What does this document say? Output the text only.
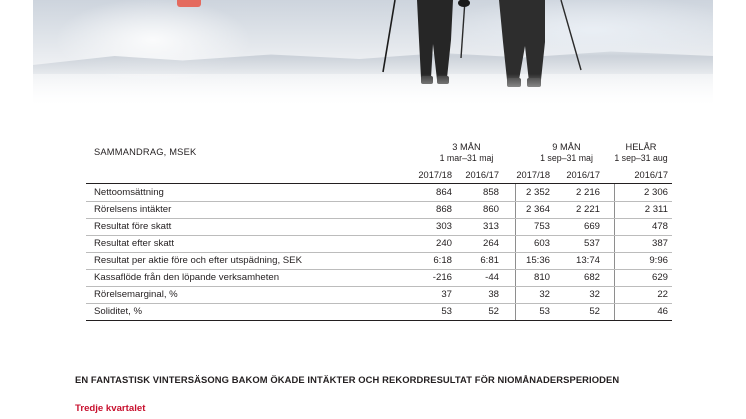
SAMMANDRAG, MSEK	3 MÅN
1 mar–31 maj
9 MÅN
1 sep–31 maj
HELÅR
1 sep–31 aug
2017/18	2016/17	2017/18	2016/17	2016/17
Nettoomsättning	864	858	2 352	2 216	2 306
Rörelsens intäkter	868	860	2 364	2 221	2 311
Resultat före skatt	303	313	753	669	478
Resultat efter skatt	240	264	603	537	387
Resultat per aktie före och efter utspädning, SEK	6:18	6:81	15:36	13:74	9:96
Kassaflöde från den löpande verksamheten	-216	-44	810	682	629
Rörelsemarginal, %	37	38	32	32	22
Soliditet, %	53	52	53	52	46
EN FANTASTISK VINTERSÄSONG BAKOM ÖKADE INTÄKTER OCH REKORDRESULTAT FÖR NIOMÅNADERSPERIODEN
Tredje kvartalet
